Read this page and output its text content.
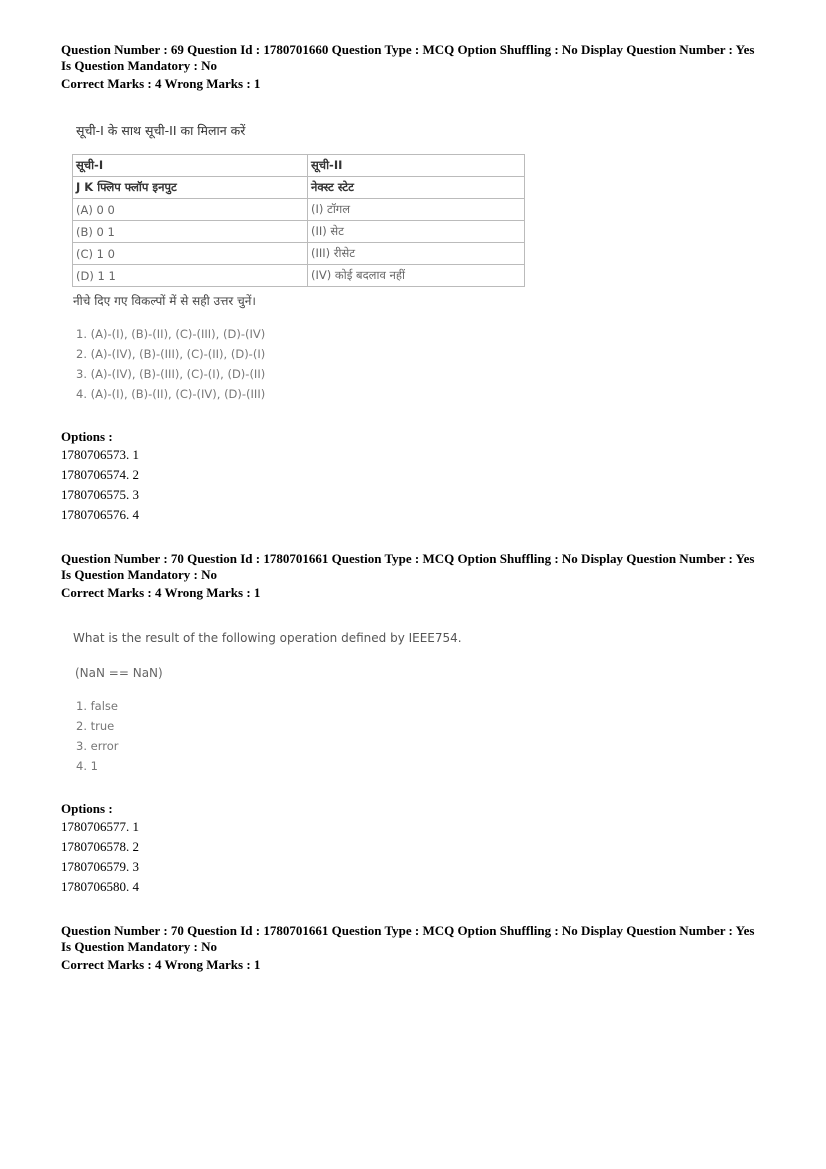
Question Number : 69 Question Id : 1780701660 Question Type : MCQ Option Shuffling : No Display Question Number : Yes
Is Question Mandatory : No
Correct Marks : 4 Wrong Marks : 1
सूची-I के साथ सूची-II का मिलान करें
सूची-I	सूची-II
J K फ्लिप फ्लॉप इनपुट	नेक्स्ट स्टेट
(A) 0 0	(I) टॉगल
(B) 0 1	(II) सेट
(C) 1 0	(III) रीसेट
(D) 1 1	(IV) कोई बदलाव नहीं
नीचे दिए गए विकल्पों में से सही उत्तर चुनें।
1. (A)-(I), (B)-(II), (C)-(III), (D)-(IV)
2. (A)-(IV), (B)-(III), (C)-(II), (D)-(I)
3. (A)-(IV), (B)-(III), (C)-(I), (D)-(II)
4. (A)-(I), (B)-(II), (C)-(IV), (D)-(III)
Options :
1780706573. 1
1780706574. 2
1780706575. 3
1780706576. 4
Question Number : 70 Question Id : 1780701661 Question Type : MCQ Option Shuffling : No Display Question Number : Yes
Is Question Mandatory : No
Correct Marks : 4 Wrong Marks : 1
What is the result of the following operation defined by IEEE754.
(NaN == NaN)
1. false
2. true
3. error
4. 1
Options :
1780706577. 1
1780706578. 2
1780706579. 3
1780706580. 4
Question Number : 70 Question Id : 1780701661 Question Type : MCQ Option Shuffling : No Display Question Number : Yes
Is Question Mandatory : No
Correct Marks : 4 Wrong Marks : 1
